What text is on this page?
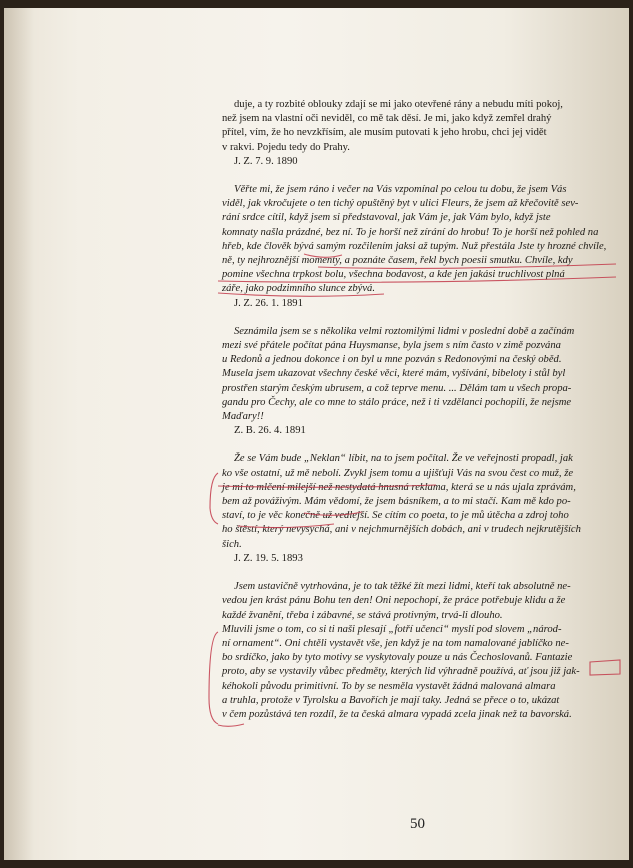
duje, a ty rozbité oblouky zdají se mi jako otevřené rány a nebudu míti pokoj,
než jsem na vlastní oči neviděl, co mě tak děsí. Je mi, jako když zemřel drahý
přítel, vím, že ho nevzkřísím, ale musím putovati k jeho hrobu, chci jej vidět
v rakvi. Pojedu tedy do Prahy.
J. Z. 7. 9. 1890
Věřte mi, že jsem ráno i večer na Vás vzpomínal po celou tu dobu, že jsem Vás
viděl, jak vkročujete o ten tichý opuštěný byt v ulici Fleurs, že jsem až křečovitě sev-
rání srdce cítil, když jsem si představoval, jak Vám je, jak Vám bylo, když jste
komnaty našla prázdné, bez ní. To je horší než zírání do hrobu! To je horší než pohled na
hřeb, kde člověk bývá samým rozčilením jaksi až tupým. Nuž přestála Jste ty hrozné chvíle,
ně, ty nejhroznější momenty, a poznáte časem, řekl bych poesii smutku. Chvíle, kdy
pomine všechna trpkost bolu, všechna bodavost, a kde jen jakási truchlivost plná
záře, jako podzimního slunce zbývá.
J. Z. 26. 1. 1891
Seznámila jsem se s několika velmi roztomilými lidmi v poslední době a začínám
mezi své přátele počítat pána Huysmanse, byla jsem s ním často v zimě pozvána
u Redonů a jednou dokonce i on byl u mne pozván s Redonovými na český oběd.
Musela jsem ukazovat všechny české věci, které mám, vyšívání, bibeloty i stůl byl
prostřen starým českým ubrusem, a což teprve menu. ... Dělám tam u všech propa-
gandu pro Čechy, ale co mne to stálo práce, než i ti vzdělanci pochopili, že nejsme
Maďary!!
Z. B. 26. 4. 1891
Že se Vám bude „Neklan“ líbit, na to jsem počítal. Že ve veřejnosti propadl, jak
ko vše ostatní, už mě nebolí. Zvykl jsem tomu a ujišťuji Vás na svou čest co muž, že
je mi to mlčení milejší než nestydatá hnusná reklama, která se u nás ujala zprávám,
bem až pováživým. Mám vědomí, že jsem básníkem, a to mi stačí. Kam mě kdo po-
staví, to je věc konečně už vedlejší. Se cítím co poeta, to je mů útěcha a zdroj toho
ho štěstí, který nevysychá, ani v nejchmurnějších dobách, ani v trudech nejkrutějších
šich.
J. Z. 19. 5. 1893
Jsem ustavičně vytrhována, je to tak těžké žít mezi lidmi, kteří tak absolutně ne-
vedou jen krást pánu Bohu ten den! Oni nepochopí, že práce potřebuje klidu a že
každé žvanění, třeba i zábavné, se stává protivným, trvá-li dlouho.
Mluvili jsme o tom, co si ti naši plesají „fotří učenci“ myslí pod slovem „národ-
ní ornament“. Oni chtěli vystavět vše, jen když je na tom namalované jablíčko ne-
bo srdíčko, jako by tyto motivy se vyskytovaly pouze u nás Čechoslovanů. Fantazie
proto, aby se vystavily vůbec předměty, kterých lid výhradně používá, ať jsou již jak-
kéhokoli původu primitivní. To by se nesměla vystavět žádná malovaná almara
a truhla, protože v Tyrolsku a Bavořích je mají taky. Jedná se přece o to, ukázat
v čem pozůstává ten rozdíl, že ta česká almara vypadá zcela jinak než ta bavorská.
50
